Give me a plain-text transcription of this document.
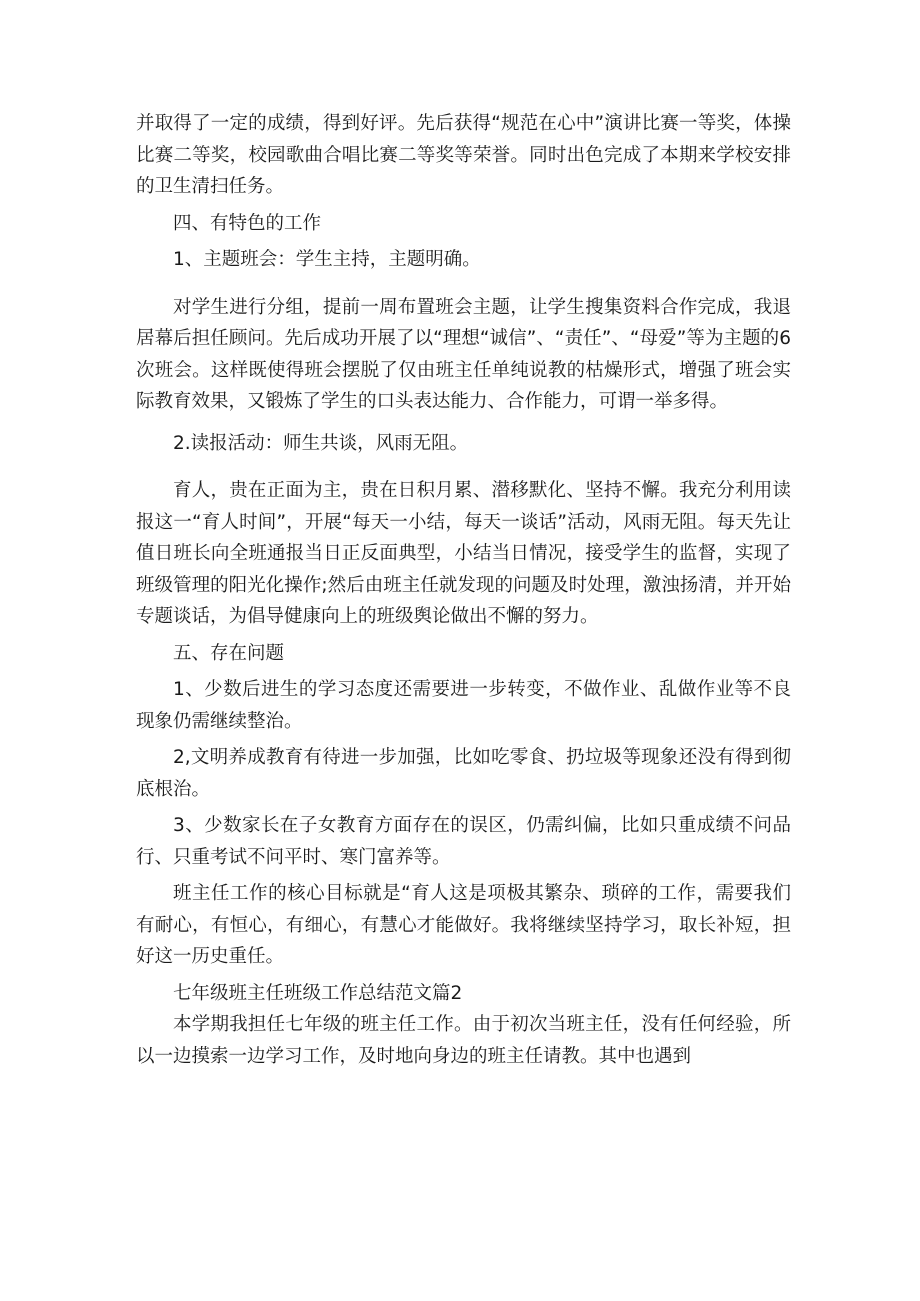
并取得了一定的成绩，得到好评。先后获得“规范在心中”演讲比赛一等奖，体操比赛二等奖，校园歌曲合唱比赛二等奖等荣誉。同时出色完成了本期来学校安排的卫生清扫任务。

四、有特色的工作

1、主题班会：学生主持，主题明确。

对学生进行分组，提前一周布置班会主题，让学生搜集资料合作完成，我退居幕后担任顾问。先后成功开展了以“理想“诚信”、“责任”、“母爱”等为主题的6次班会。这样既使得班会摆脱了仅由班主任单纯说教的枯燥形式，增强了班会实际教育效果，又锻炼了学生的口头表达能力、合作能力，可谓一举多得。

2.读报活动：师生共谈，风雨无阻。

育人，贵在正面为主，贵在日积月累、潜移默化、坚持不懈。我充分利用读报这一“育人时间”，开展“每天一小结，每天一谈话”活动，风雨无阻。每天先让值日班长向全班通报当日正反面典型，小结当日情况，接受学生的监督，实现了班级管理的阳光化操作;然后由班主任就发现的问题及时处理，激浊扬清，并开始专题谈话，为倡导健康向上的班级舆论做出不懈的努力。

五、存在问题

1、少数后进生的学习态度还需要进一步转变，不做作业、乱做作业等不良现象仍需继续整治。

2,文明养成教育有待进一步加强，比如吃零食、扔垃圾等现象还没有得到彻底根治。

3、少数家长在子女教育方面存在的误区，仍需纠偏，比如只重成绩不问品行、只重考试不问平时、寒门富养等。

班主任工作的核心目标就是“育人这是项极其繁杂、琐碎的工作，需要我们有耐心，有恒心，有细心，有慧心才能做好。我将继续坚持学习，取长补短，担好这一历史重任。

七年级班主任班级工作总结范文篇2

本学期我担任七年级的班主任工作。由于初次当班主任，没有任何经验，所以一边摸索一边学习工作，及时地向身边的班主任请教。其中也遇到
